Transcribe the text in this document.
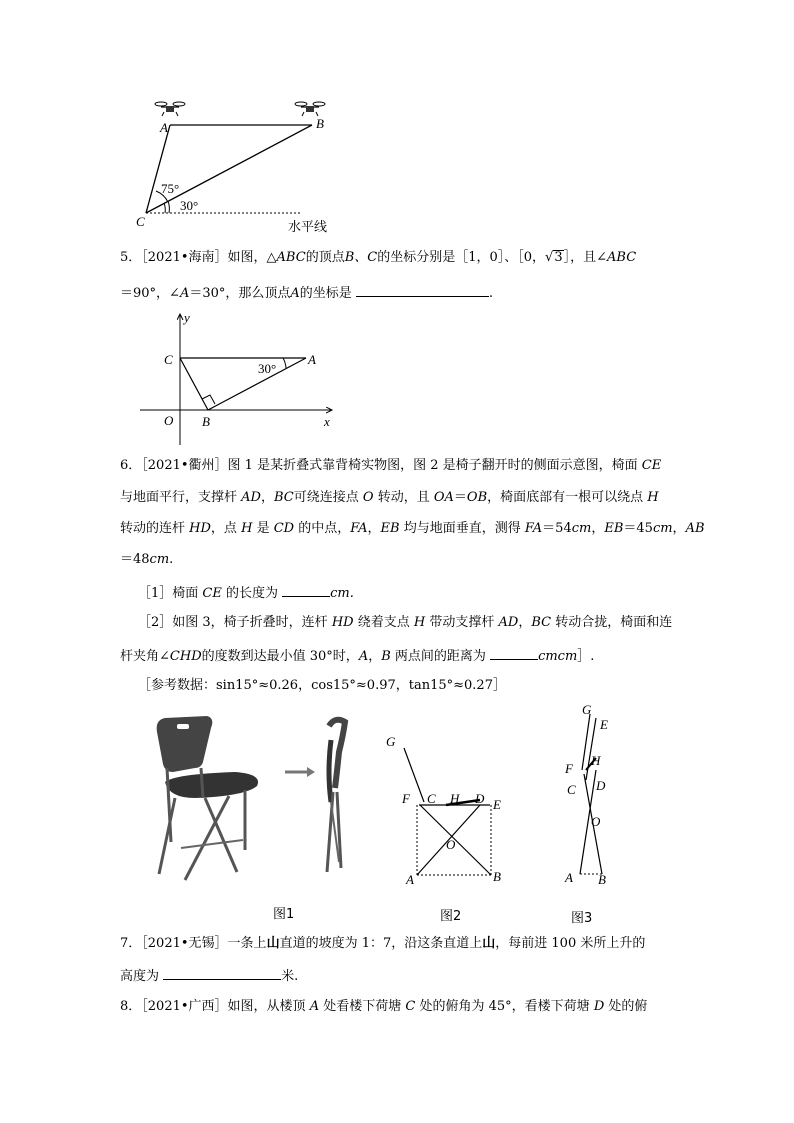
A	B
C
75°
30°
水平线
5．［2021•海南］如图，△ABC的顶点B、C的坐标分别是［1，0］、［0，√3］，且∠ABC
＝90°，∠A＝30°，那么顶点A的坐标是	.
y
x
C	A
O B
30°
6．［2021•衢州］图 1 是某折叠式靠背椅实物图，图 2 是椅子翻开时的侧面示意图，椅面 CE
与地面平行，支撑杆 AD，BC可绕连接点 O 转动，且 OA＝OB，椅面底部有一根可以绕点 H
转动的连杆 HD，点 H 是 CD 的中点，FA，EB 均与地面垂直，测得 FA＝54cm，EB＝45cm，AB
＝48cm.
［1］椅面 CE 的长度为	cm.
［2］如图 3，椅子折叠时，连杆 HD 绕着支点 H 带动支撑杆 AD，BC 转动合拢，椅面和连
杆夹角∠CHD的度数到达最小值 30°时，A，B 两点间的距离为	cmcm］.
［参考数据：sin15°≈0.26，cos15°≈0.97，tan15°≈0.27］
图1
G
F C H D E
O
A	B
图2
G
E
H
F
C D
O
A B
图3
7．［2021•无锡］一条上山直道的坡度为 1：7，沿这条直道上山，每前进 100 米所上升的
高度为	米.
8．［2021•广西］如图，从楼顶 A 处看楼下荷塘 C 处的俯角为 45°，看楼下荷塘 D 处的俯
